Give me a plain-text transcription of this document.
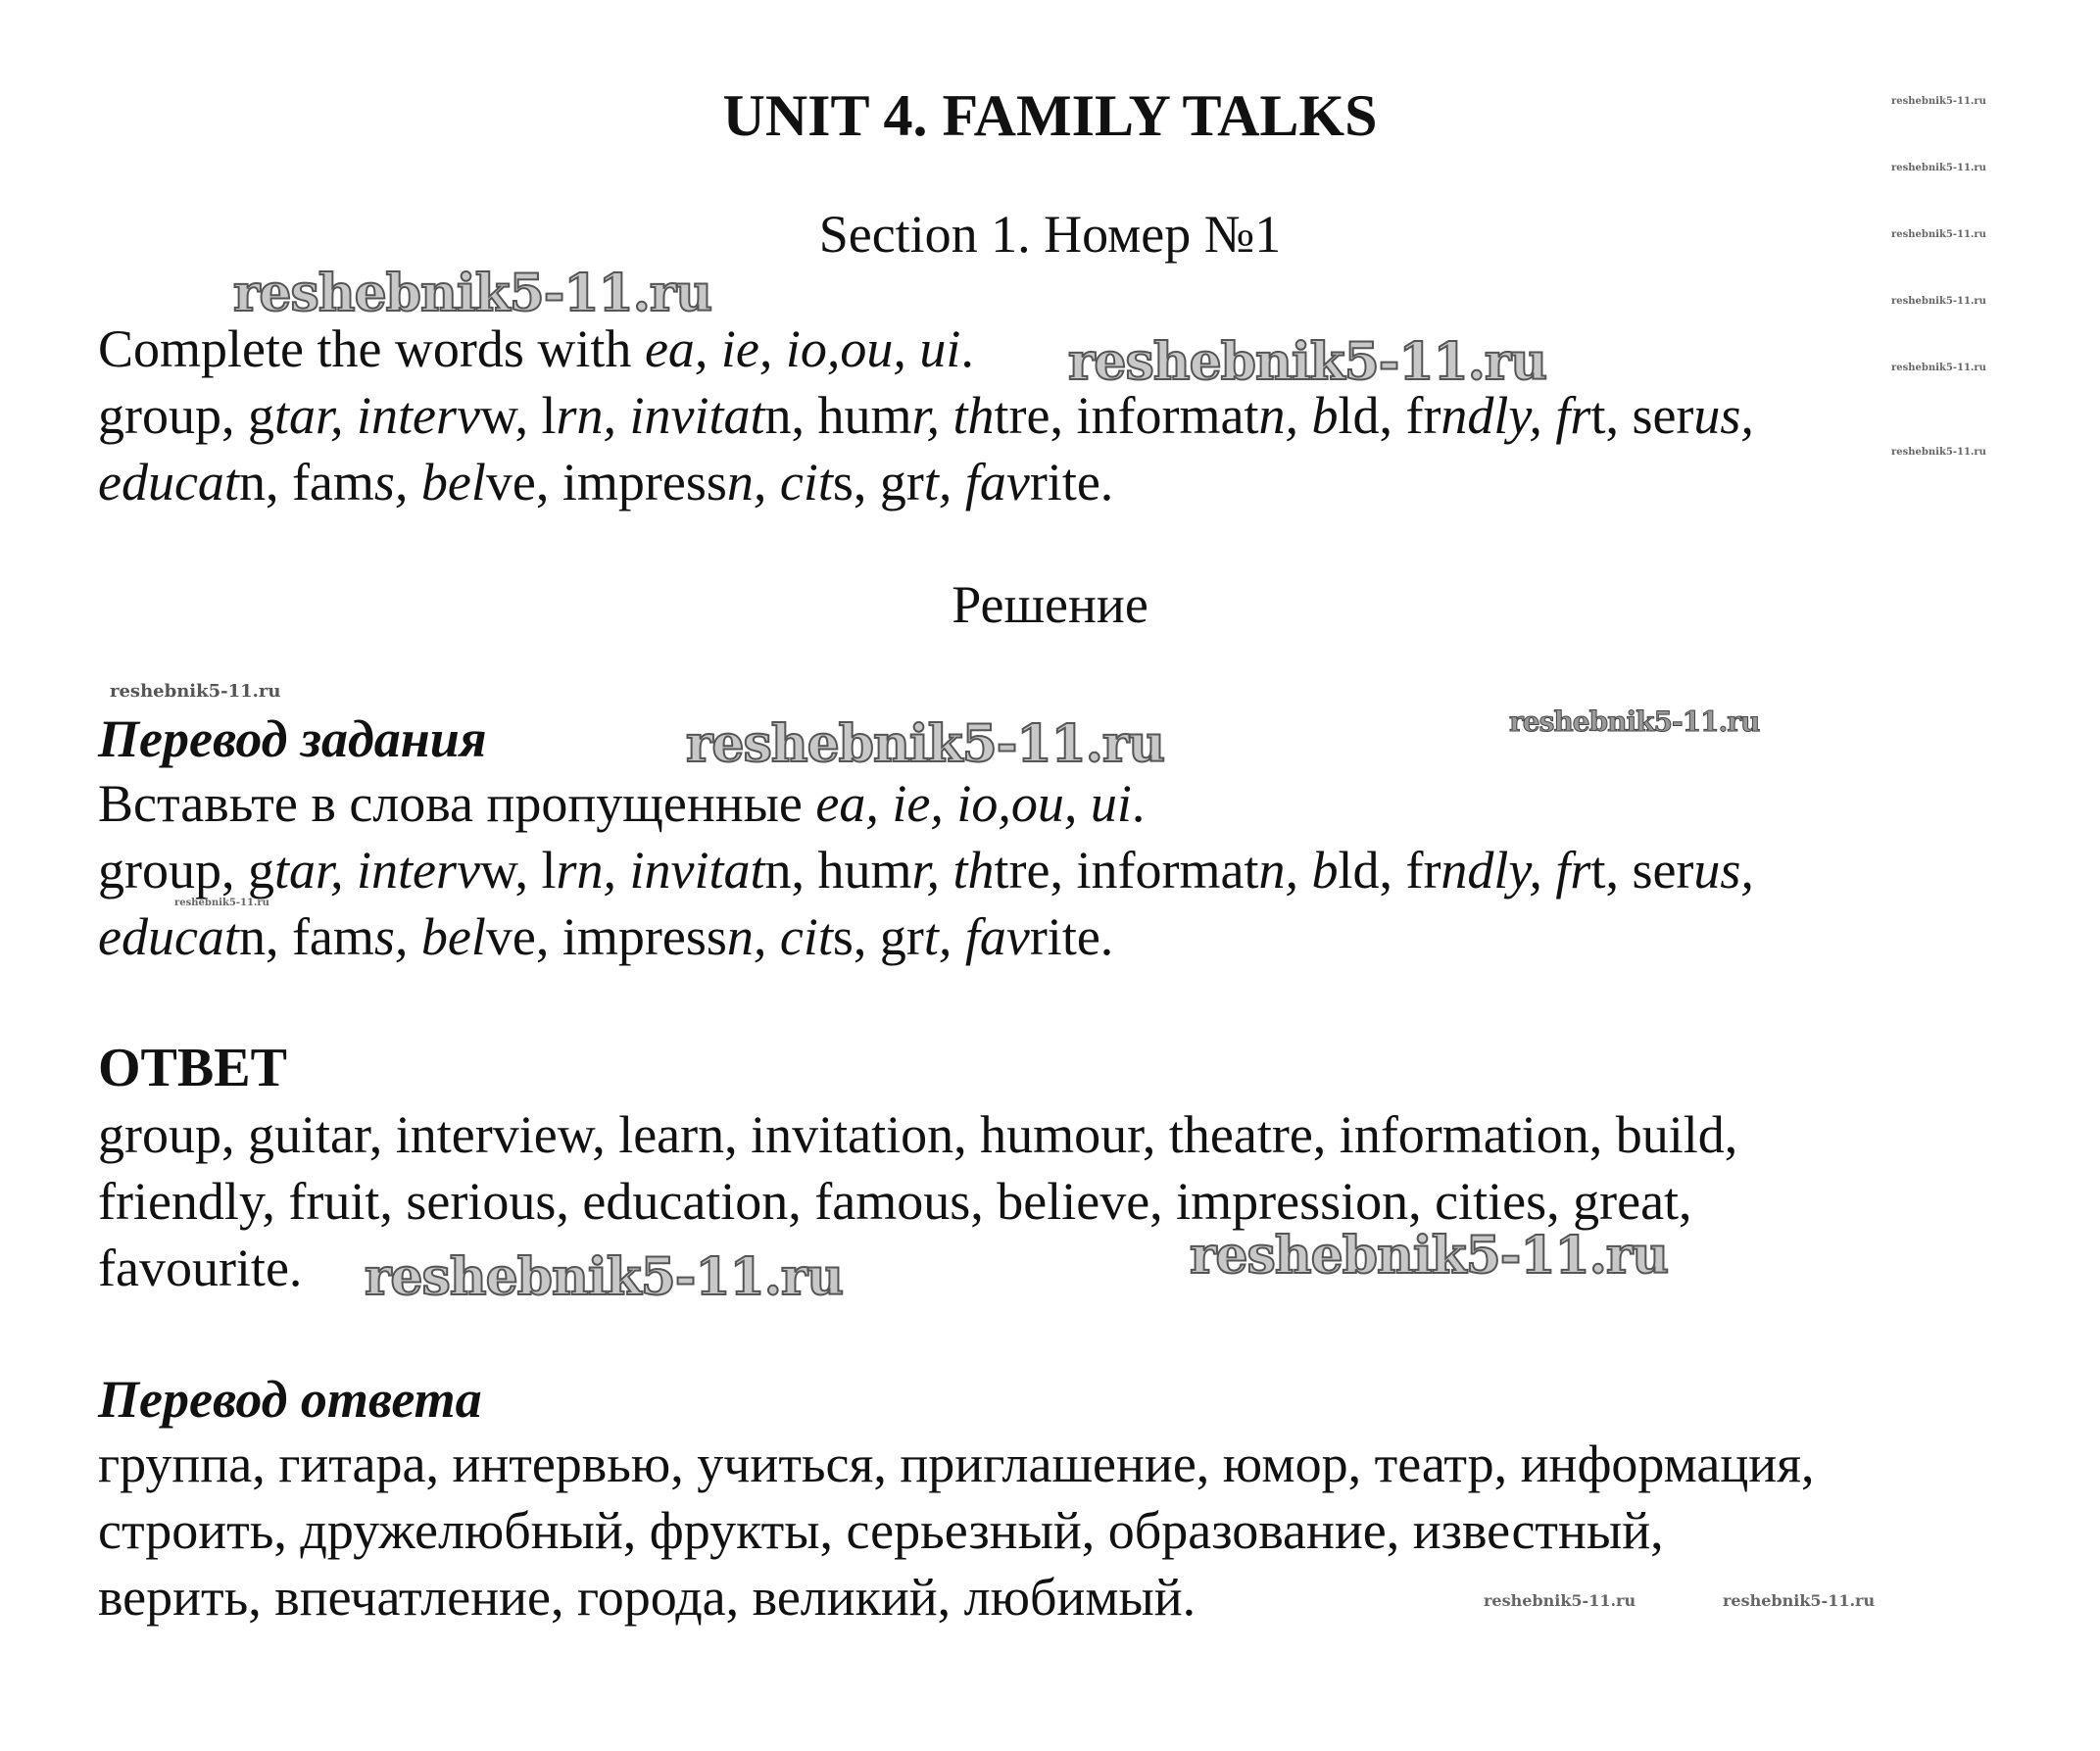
UNIT 4. FAMILY TALKS
Section 1. Номер №1

Complete the words with ea, ie, io,ou, ui.

group, gtar, intervw, lrn, invitatn, humr, thtre, informatn, bld, frndly, frt, serus,

educatn, fams, belve, impressn, cits, grt, favrite.

Решение
Перевод задания

Вставьте в слова пропущенные ea, ie, io,ou, ui.

group, gtar, intervw, lrn, invitatn, humr, thtre, informatn, bld, frndly, frt, serus,

educatn, fams, belve, impressn, cits, grt, favrite.

ОТВЕТ

group, guitar, interview, learn, invitation, humour, theatre, information, build,

friendly, fruit, serious, education, famous, believe, impression, cities, great,

favourite.

Перевод ответа

группа, гитара, интервью, учиться, приглашение, юмор, театр, информация,

строить, дружелюбный, фрукты, серьезный, образование, известный,

верить, впечатление, города, великий, любимый.

reshebnik5-11.ru
reshebnik5-11.ru
reshebnik5-11.ru
reshebnik5-11.ru	reshebnik5-11.ru
reshebnik5-11.ru
reshebnik5-11.ru
reshebnik5-11.ru
reshebnik5-11.ru	reshebnik5-11.ru
reshebnik5-11.ru
reshebnik5-11.ru
reshebnik5-11.ru
reshebnik5-11.ru
reshebnik5-11.ru
reshebnik5-11.ru
